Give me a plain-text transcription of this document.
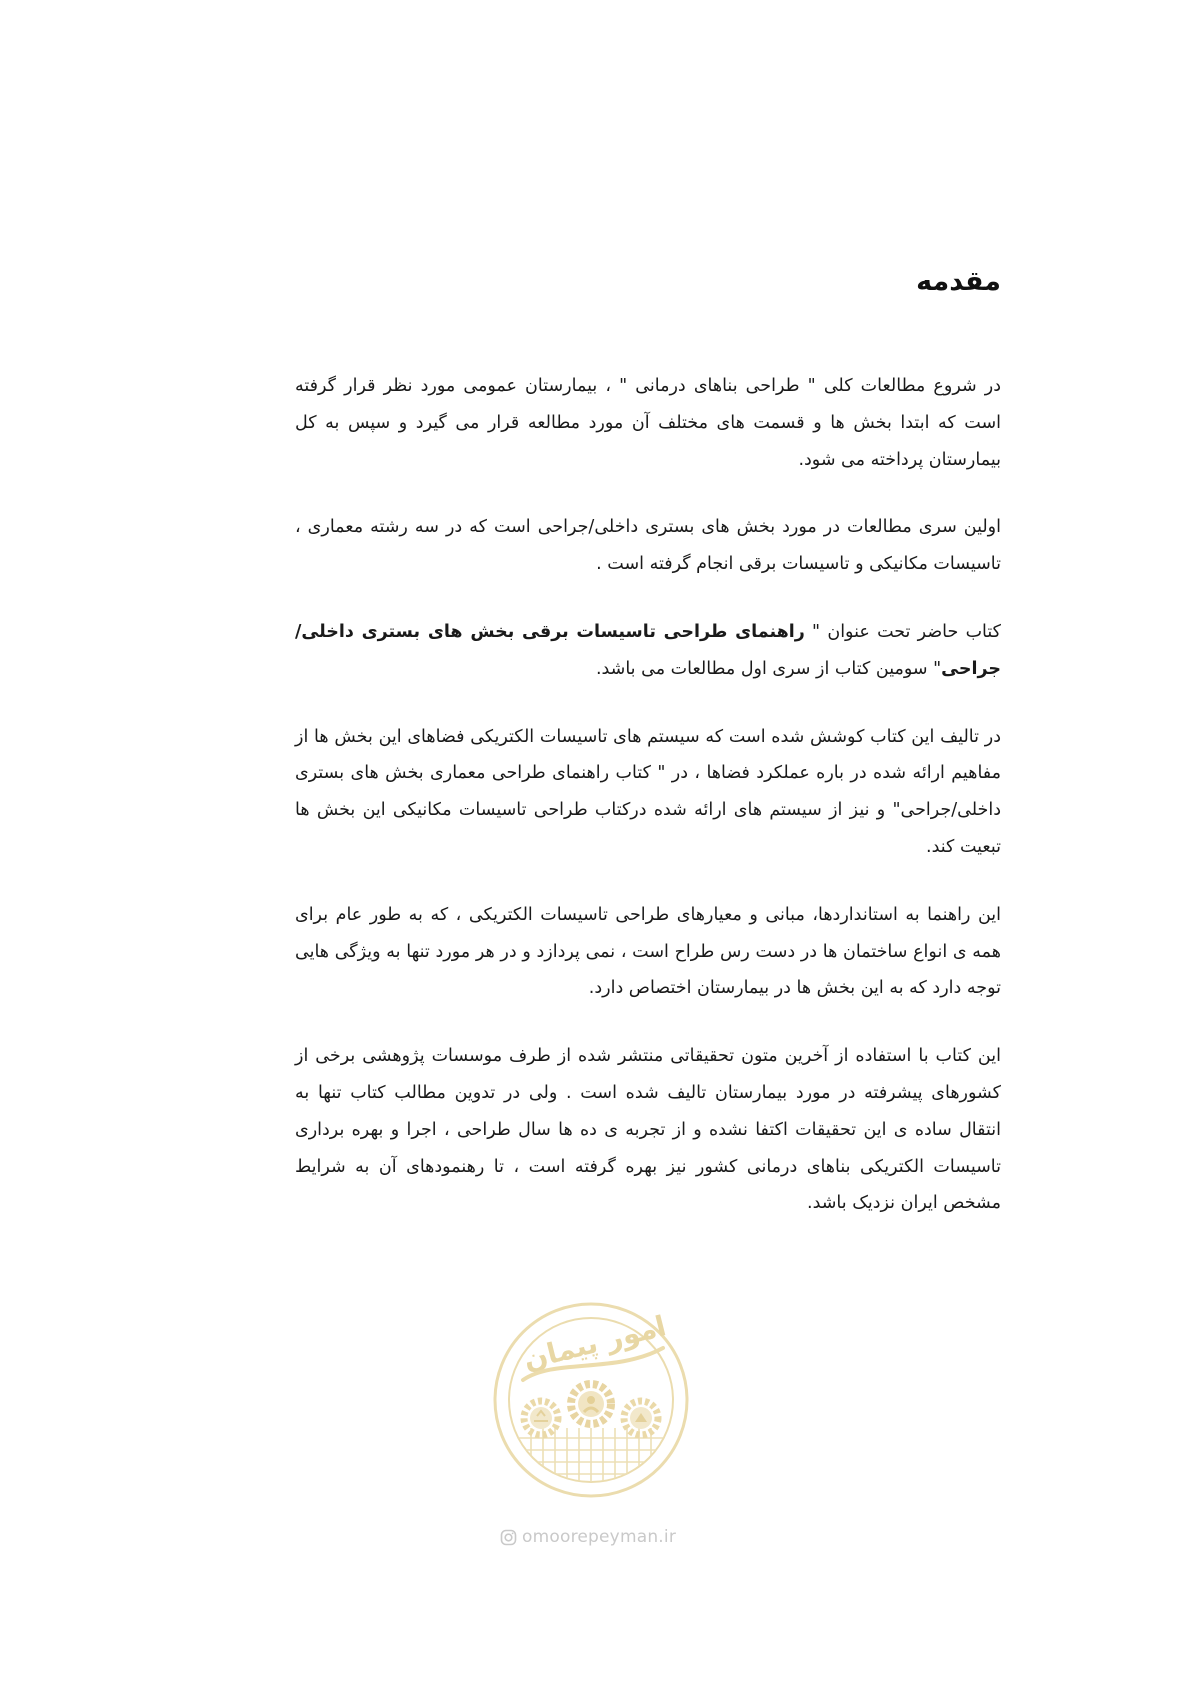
مقدمه

در شروع مطالعات کلی " طراحی بناهای درمانی " ، بیمارستان عمومی مورد نظر قرار گرفته است که ابتدا بخش ها و قسمت های مختلف آن مورد مطالعه قرار می گیرد و سپس به کل بیمارستان پرداخته می شود.

اولین سری مطالعات در مورد بخش های بستری داخلی/جراحی است که در سه رشته معماری ، تاسیسات مکانیکی و تاسیسات برقی انجام گرفته است .

کتاب حاضر تحت عنوان " راهنمای طراحی تاسیسات برقی بخش های بستری داخلی/جراحی" سومین کتاب از سری اول مطالعات می باشد.

در تالیف این کتاب کوشش شده است که سیستم های تاسیسات الکتریکی فضاهای این بخش ها از مفاهیم ارائه شده در باره عملکرد فضاها ، در " کتاب راهنمای طراحی معماری بخش های بستری داخلی/جراحی" و نیز از سیستم های ارائه شده درکتاب طراحی تاسیسات مکانیکی این بخش ها تبعیت کند.

این راهنما به استانداردها، مبانی و معیارهای طراحی تاسیسات الکتریکی ، که به طور عام برای همه ی انواع ساختمان ها در دست رس طراح است ، نمی پردازد و در هر مورد تنها به ویژگی هایی توجه دارد که به این بخش ها در بیمارستان اختصاص دارد.

این کتاب با استفاده از آخرین متون تحقیقاتی منتشر شده از طرف موسسات پژوهشی برخی از کشورهای پیشرفته در مورد بیمارستان تالیف شده است . ولی در تدوین مطالب کتاب تنها به انتقال ساده ی این تحقیقات اکتفا نشده و از تجربه ی ده ها سال طراحی ، اجرا و بهره برداری تاسیسات الکتریکی بناهای درمانی کشور نیز بهره گرفته است ، تا رهنمودهای آن به شرایط مشخص ایران نزدیک باشد.

امور پیمان
omoorepeyman.ir
